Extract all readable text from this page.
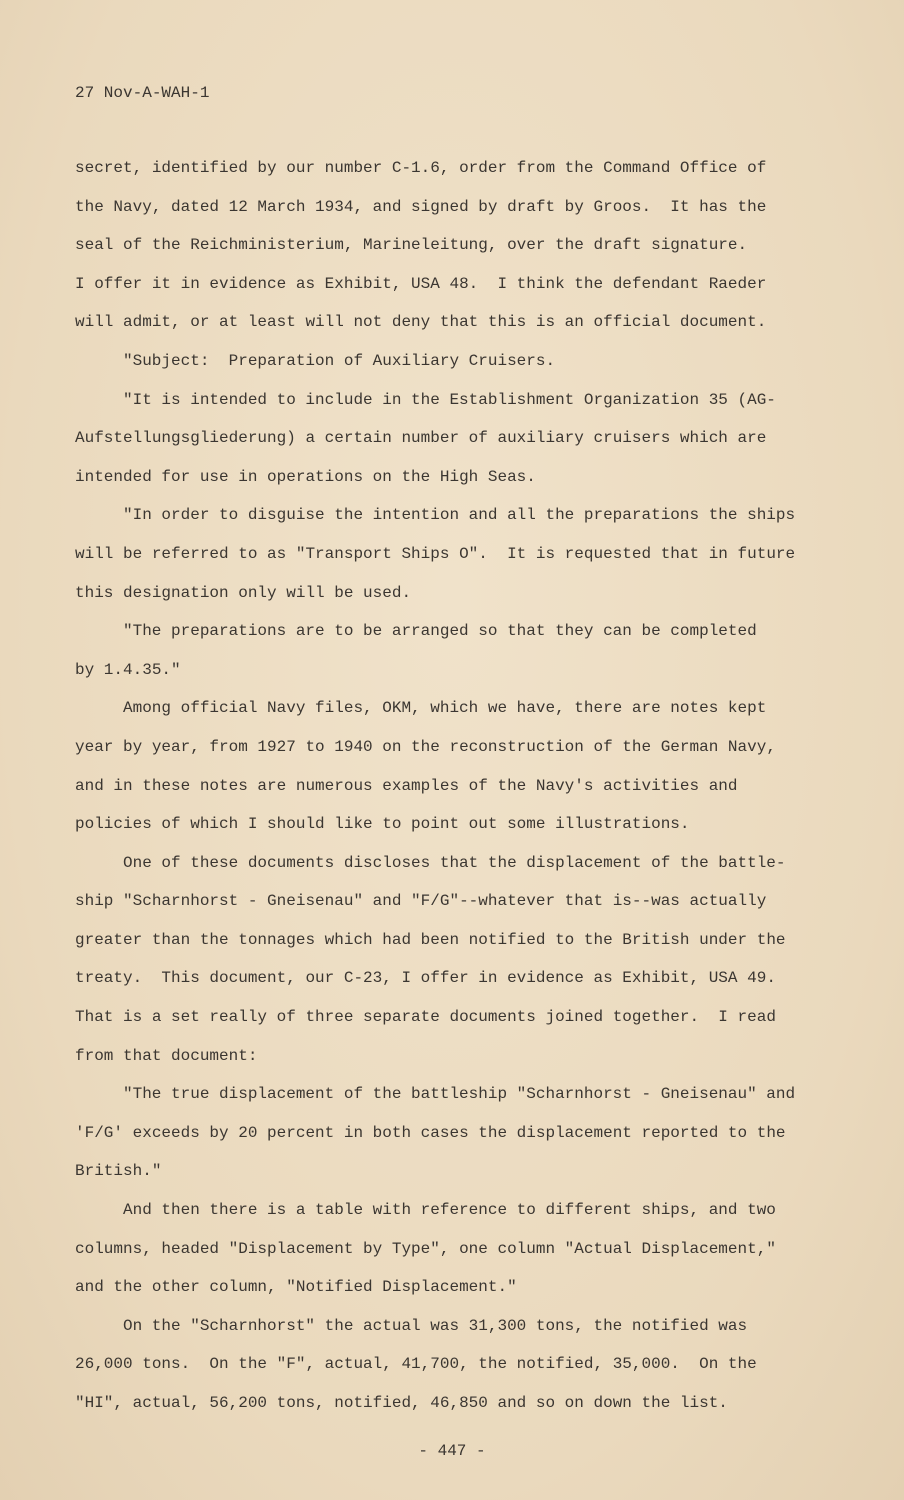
27 Nov-A-WAH-1
secret, identified by our number C-1.6, order from the Command Office of
the Navy, dated 12 March 1934, and signed by draft by Groos.  It has the
seal of the Reichministerium, Marineleitung, over the draft signature.
I offer it in evidence as Exhibit, USA 48.  I think the defendant Raeder
will admit, or at least will not deny that this is an official document.
"Subject:  Preparation of Auxiliary Cruisers.
"It is intended to include in the Establishment Organization 35 (AG-
Aufstellungsgliederung) a certain number of auxiliary cruisers which are
intended for use in operations on the High Seas.
"In order to disguise the intention and all the preparations the ships
will be referred to as "Transport Ships O".  It is requested that in future
this designation only will be used.
"The preparations are to be arranged so that they can be completed
by 1.4.35."
Among official Navy files, OKM, which we have, there are notes kept
year by year, from 1927 to 1940 on the reconstruction of the German Navy,
and in these notes are numerous examples of the Navy's activities and
policies of which I should like to point out some illustrations.
One of these documents discloses that the displacement of the battle-
ship "Scharnhorst - Gneisenau" and "F/G"--whatever that is--was actually
greater than the tonnages which had been notified to the British under the
treaty.  This document, our C-23, I offer in evidence as Exhibit, USA 49.
That is a set really of three separate documents joined together.  I read
from that document:
"The true displacement of the battleship "Scharnhorst - Gneisenau" and
'F/G' exceeds by 20 percent in both cases the displacement reported to the
British."
And then there is a table with reference to different ships, and two
columns, headed "Displacement by Type", one column "Actual Displacement,"
and the other column, "Notified Displacement."
On the "Scharnhorst" the actual was 31,300 tons, the notified was
26,000 tons.  On the "F", actual, 41,700, the notified, 35,000.  On the
"HI", actual, 56,200 tons, notified, 46,850 and so on down the list.
- 447 -
